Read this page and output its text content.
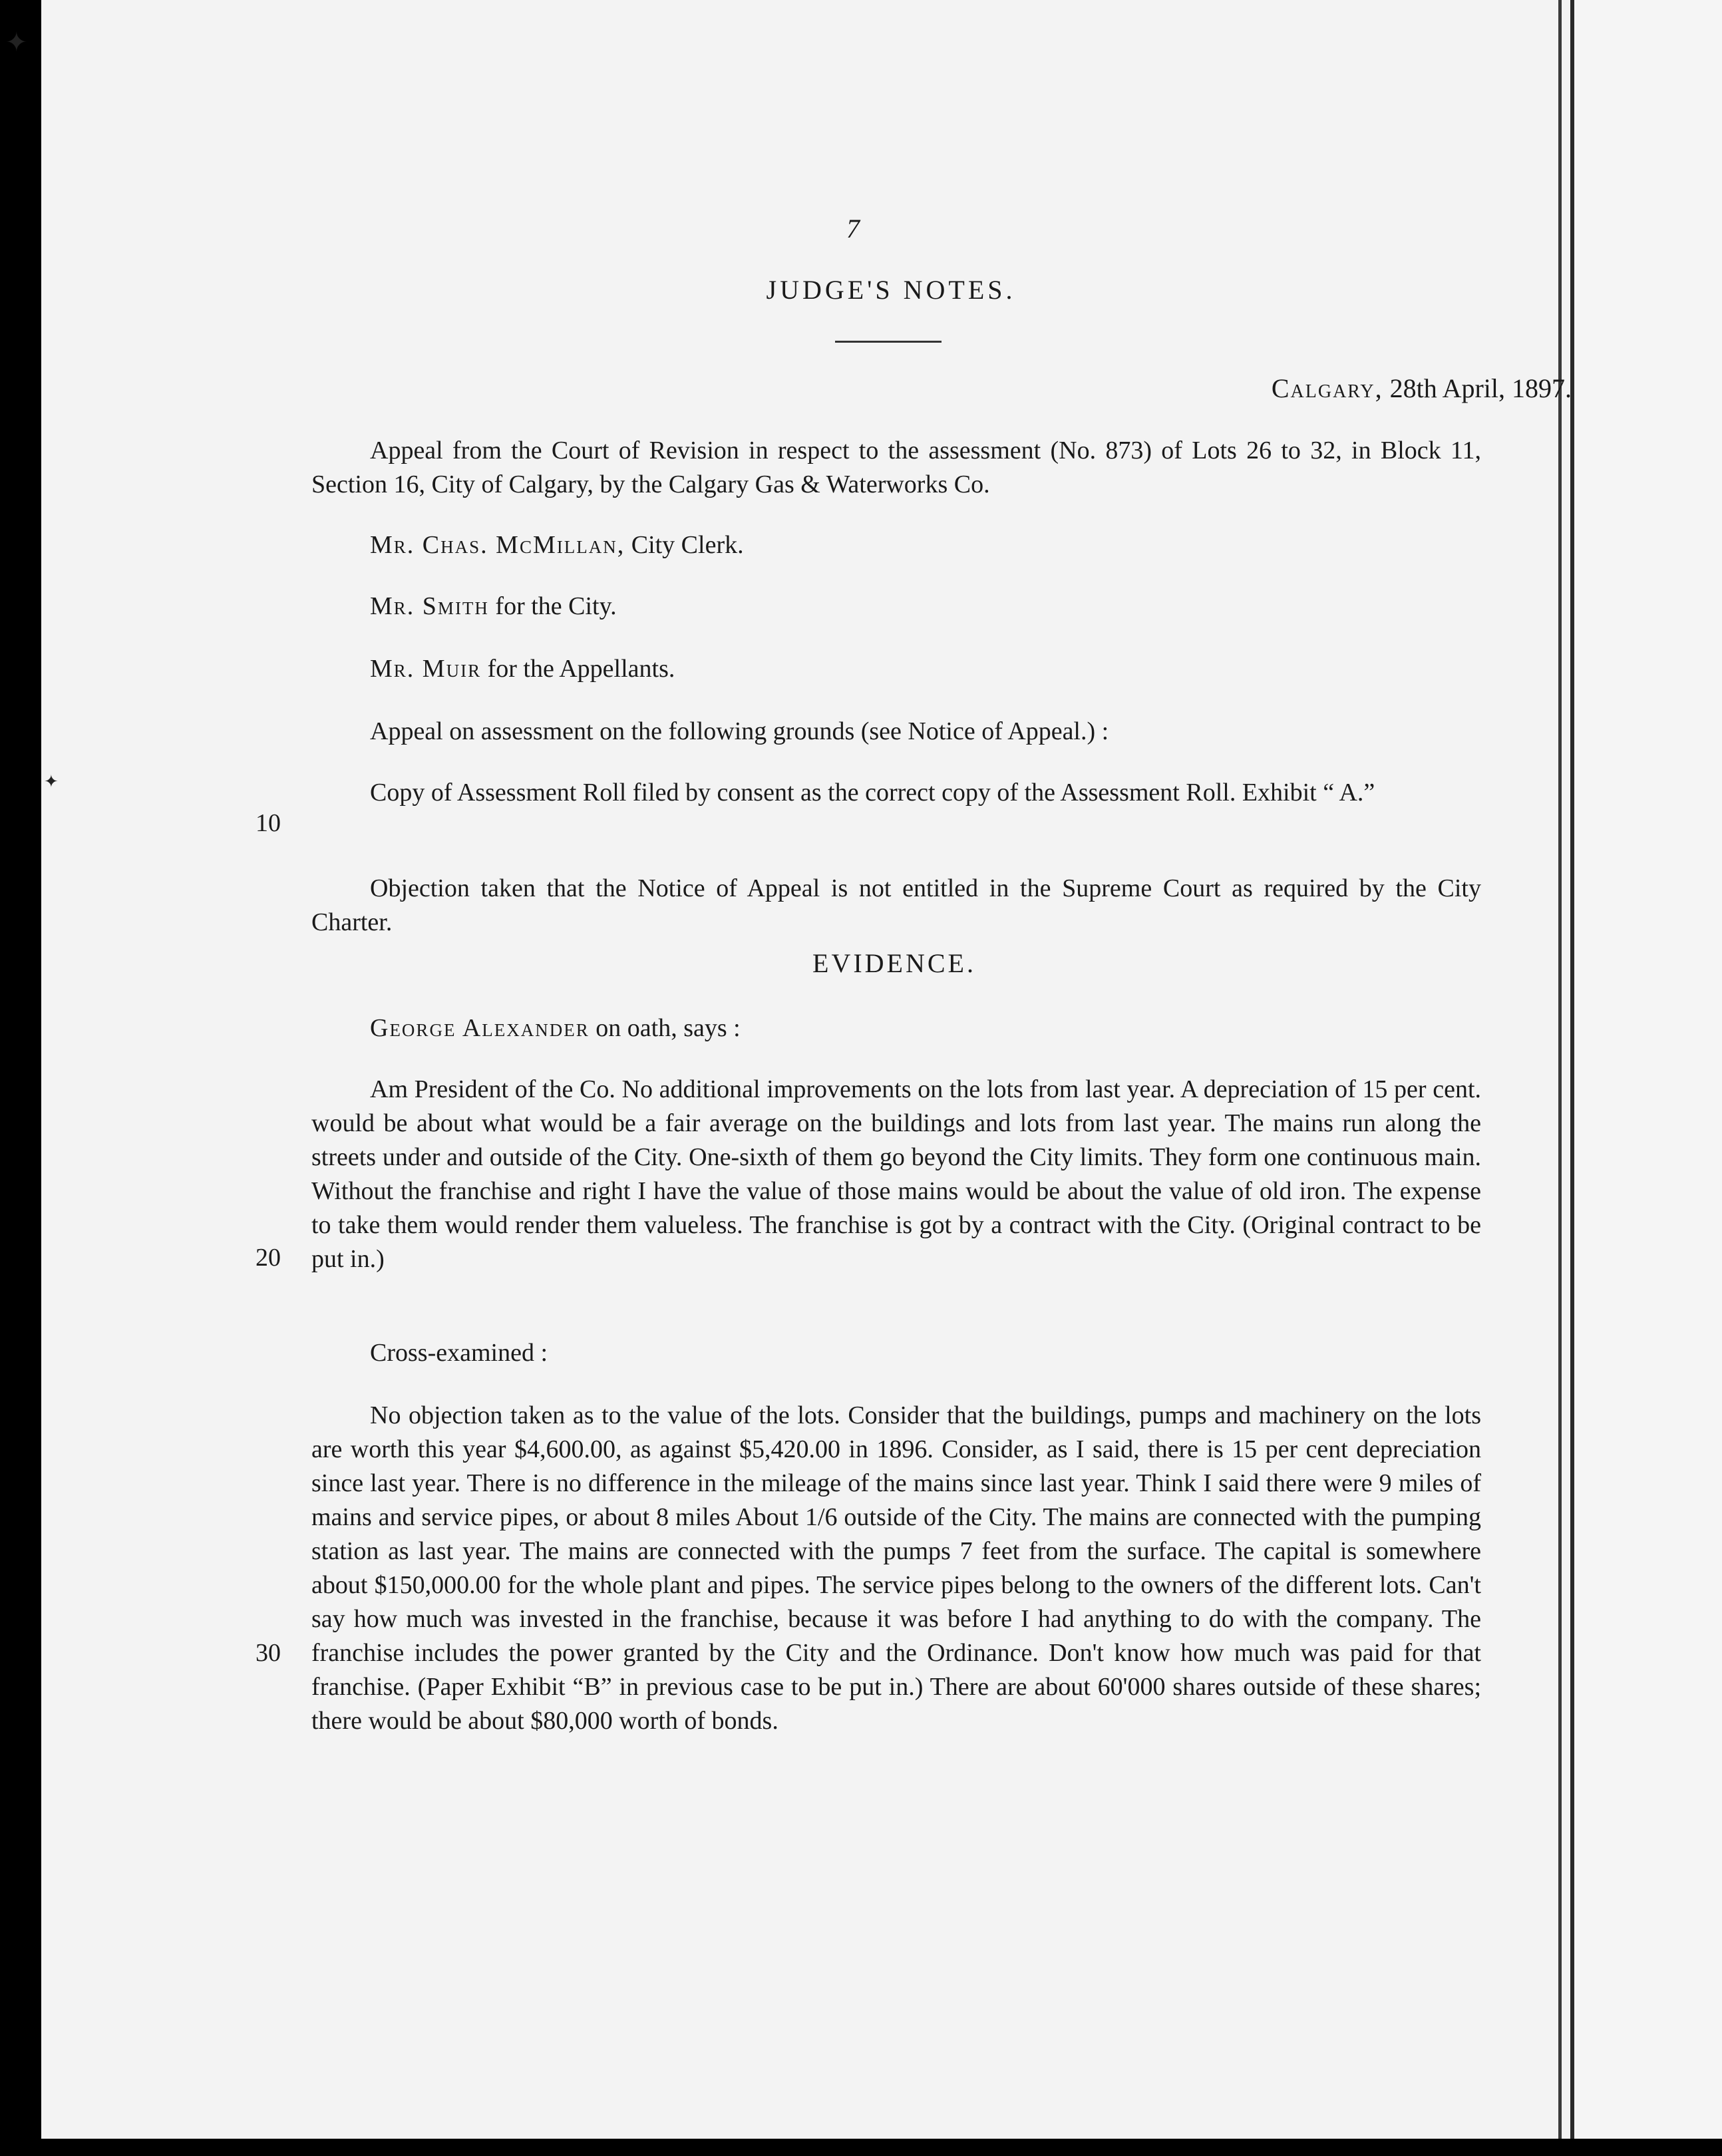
✦
✦
7
JUDGE'S NOTES.
Calgary, 28th April, 1897.

Appeal from the Court of Revision in respect to the assessment (No. 873) of Lots 26 to 32, in Block 11, Section 16, City of Calgary, by the Calgary Gas & Waterworks Co.

Mr. Chas. McMillan, City Clerk.

Mr. Smith for the City.

Mr. Muir for the Appellants.

Appeal on assessment on the following grounds (see Notice of Appeal.) :

Copy of Assessment Roll filed by consent as the correct copy of the Assessment Roll. Exhibit “ A.”

10

Objection taken that the Notice of Appeal is not entitled in the Supreme Court as required by the City Charter.

EVIDENCE.

George Alexander on oath, says :

Am President of the Co. No additional improvements on the lots from last year. A depreciation of 15 per cent. would be about what would be a fair average on the buildings and lots from last year. The mains run along the streets under and outside of the City. One-sixth of them go beyond the City limits. They form one continuous main. Without the franchise and right I have the value of those mains would be about the value of old iron. The expense to take them would render them valueless. The franchise is got by a contract with the City. (Original contract to be put in.)

20

Cross-examined :

No objection taken as to the value of the lots. Consider that the buildings, pumps and machinery on the lots are worth this year $4,600.00, as against $5,420.00 in 1896. Consider, as I said, there is 15 per cent depreciation since last year. There is no difference in the mileage of the mains since last year. Think I said there were 9 miles of mains and service pipes, or about 8 miles About 1/6 outside of the City. The mains are connected with the pumping station as last year. The mains are connected with the pumps 7 feet from the surface. The capital is somewhere about $150,000.00 for the whole plant and pipes. The service pipes belong to the owners of the different lots. Can't say how much was invested in the franchise, because it was before I had anything to do with the company. The franchise includes the power granted by the City and the Ordinance. Don't know how much was paid for that franchise. (Paper Exhibit “B” in previous case to be put in.) There are about 60'000 shares outside of these shares; there would be about $80,000 worth of bonds.

30
